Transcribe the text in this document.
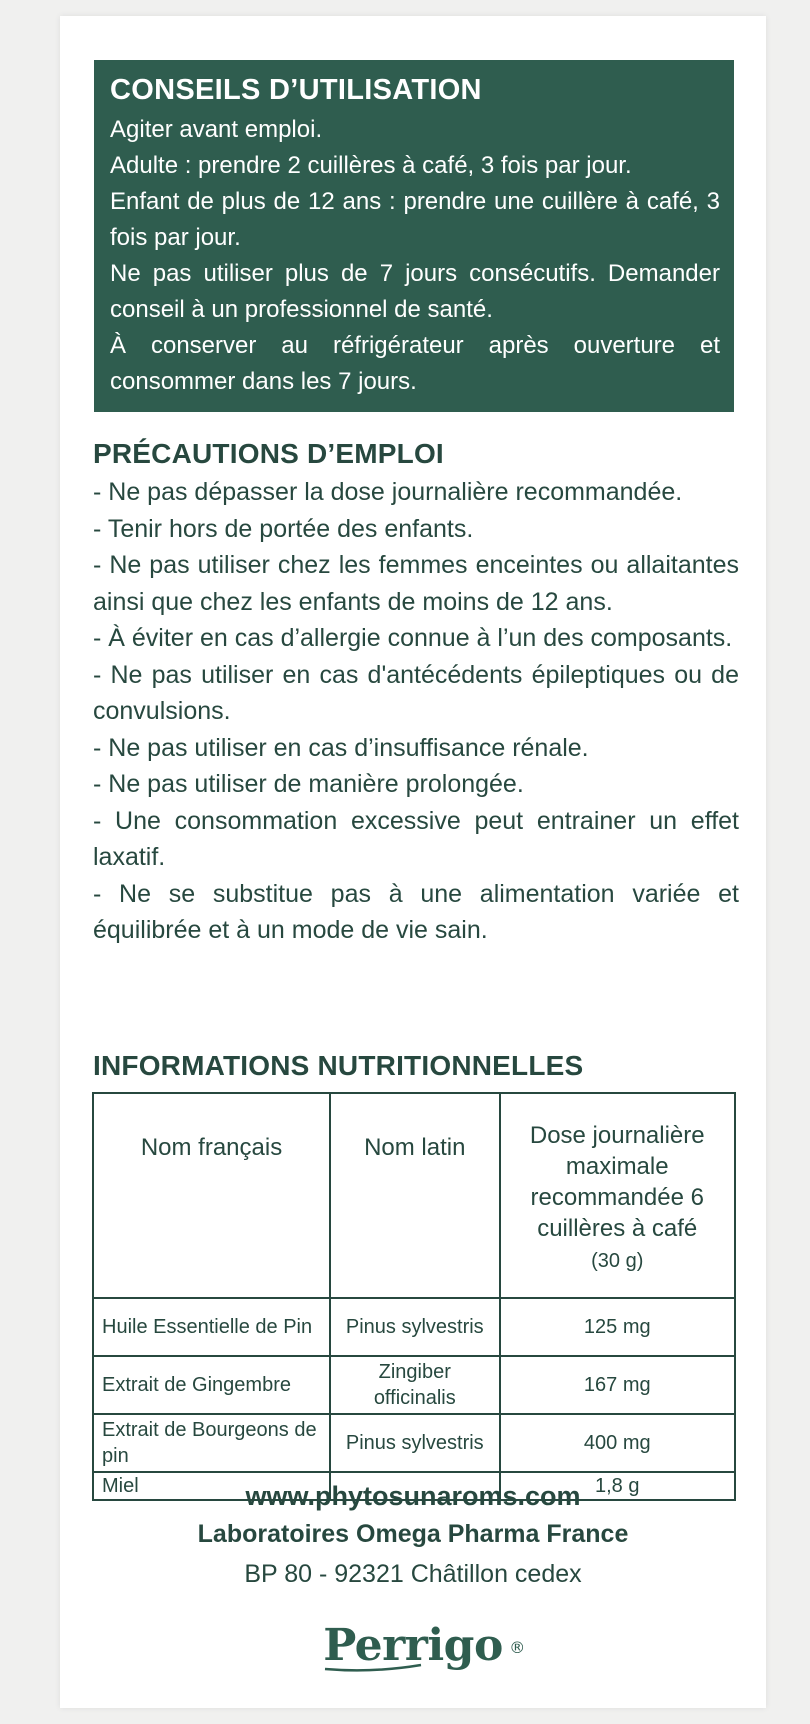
CONSEILS D’UTILISATION

Agiter avant emploi.

Adulte : prendre 2 cuillères à café, 3 fois par jour.

Enfant de plus de 12 ans : prendre une cuillère à café, 3 fois par jour.

Ne pas utiliser plus de 7 jours consécutifs. Demander conseil à un professionnel de santé.

À conserver au réfrigérateur après ouverture et consommer dans les 7 jours.

PRÉCAUTIONS D’EMPLOI

- Ne pas dépasser la dose journalière recommandée.

- Tenir hors de portée des enfants.

- Ne pas utiliser chez les femmes enceintes ou allaitantes ainsi que chez les enfants de moins de 12 ans.

- À éviter en cas d’allergie connue à l’un des composants.

- Ne pas utiliser en cas d'antécédents épileptiques ou de convulsions.

- Ne pas utiliser en cas d’insuffisance rénale.

- Ne pas utiliser de manière prolongée.

- Une consommation excessive peut entrainer un effet laxatif.

- Ne se substitue pas à une alimentation variée et équilibrée et à un mode de vie sain.

INFORMATIONS NUTRITIONNELLES
Nom français	Nom latin	Dose journalière maximale recommandée 6 cuillères à café
(30 g)
Huile Essentielle de Pin	Pinus sylvestris	125 mg
Extrait de Gingembre	Zingiber officinalis	167 mg
Extrait de Bourgeons de pin	Pinus sylvestris	400 mg
Miel		1,8 g
www.phytosunaroms.com
Laboratoires Omega Pharma France
BP 80 - 92321 Châtillon cedex
Perrigo ®
